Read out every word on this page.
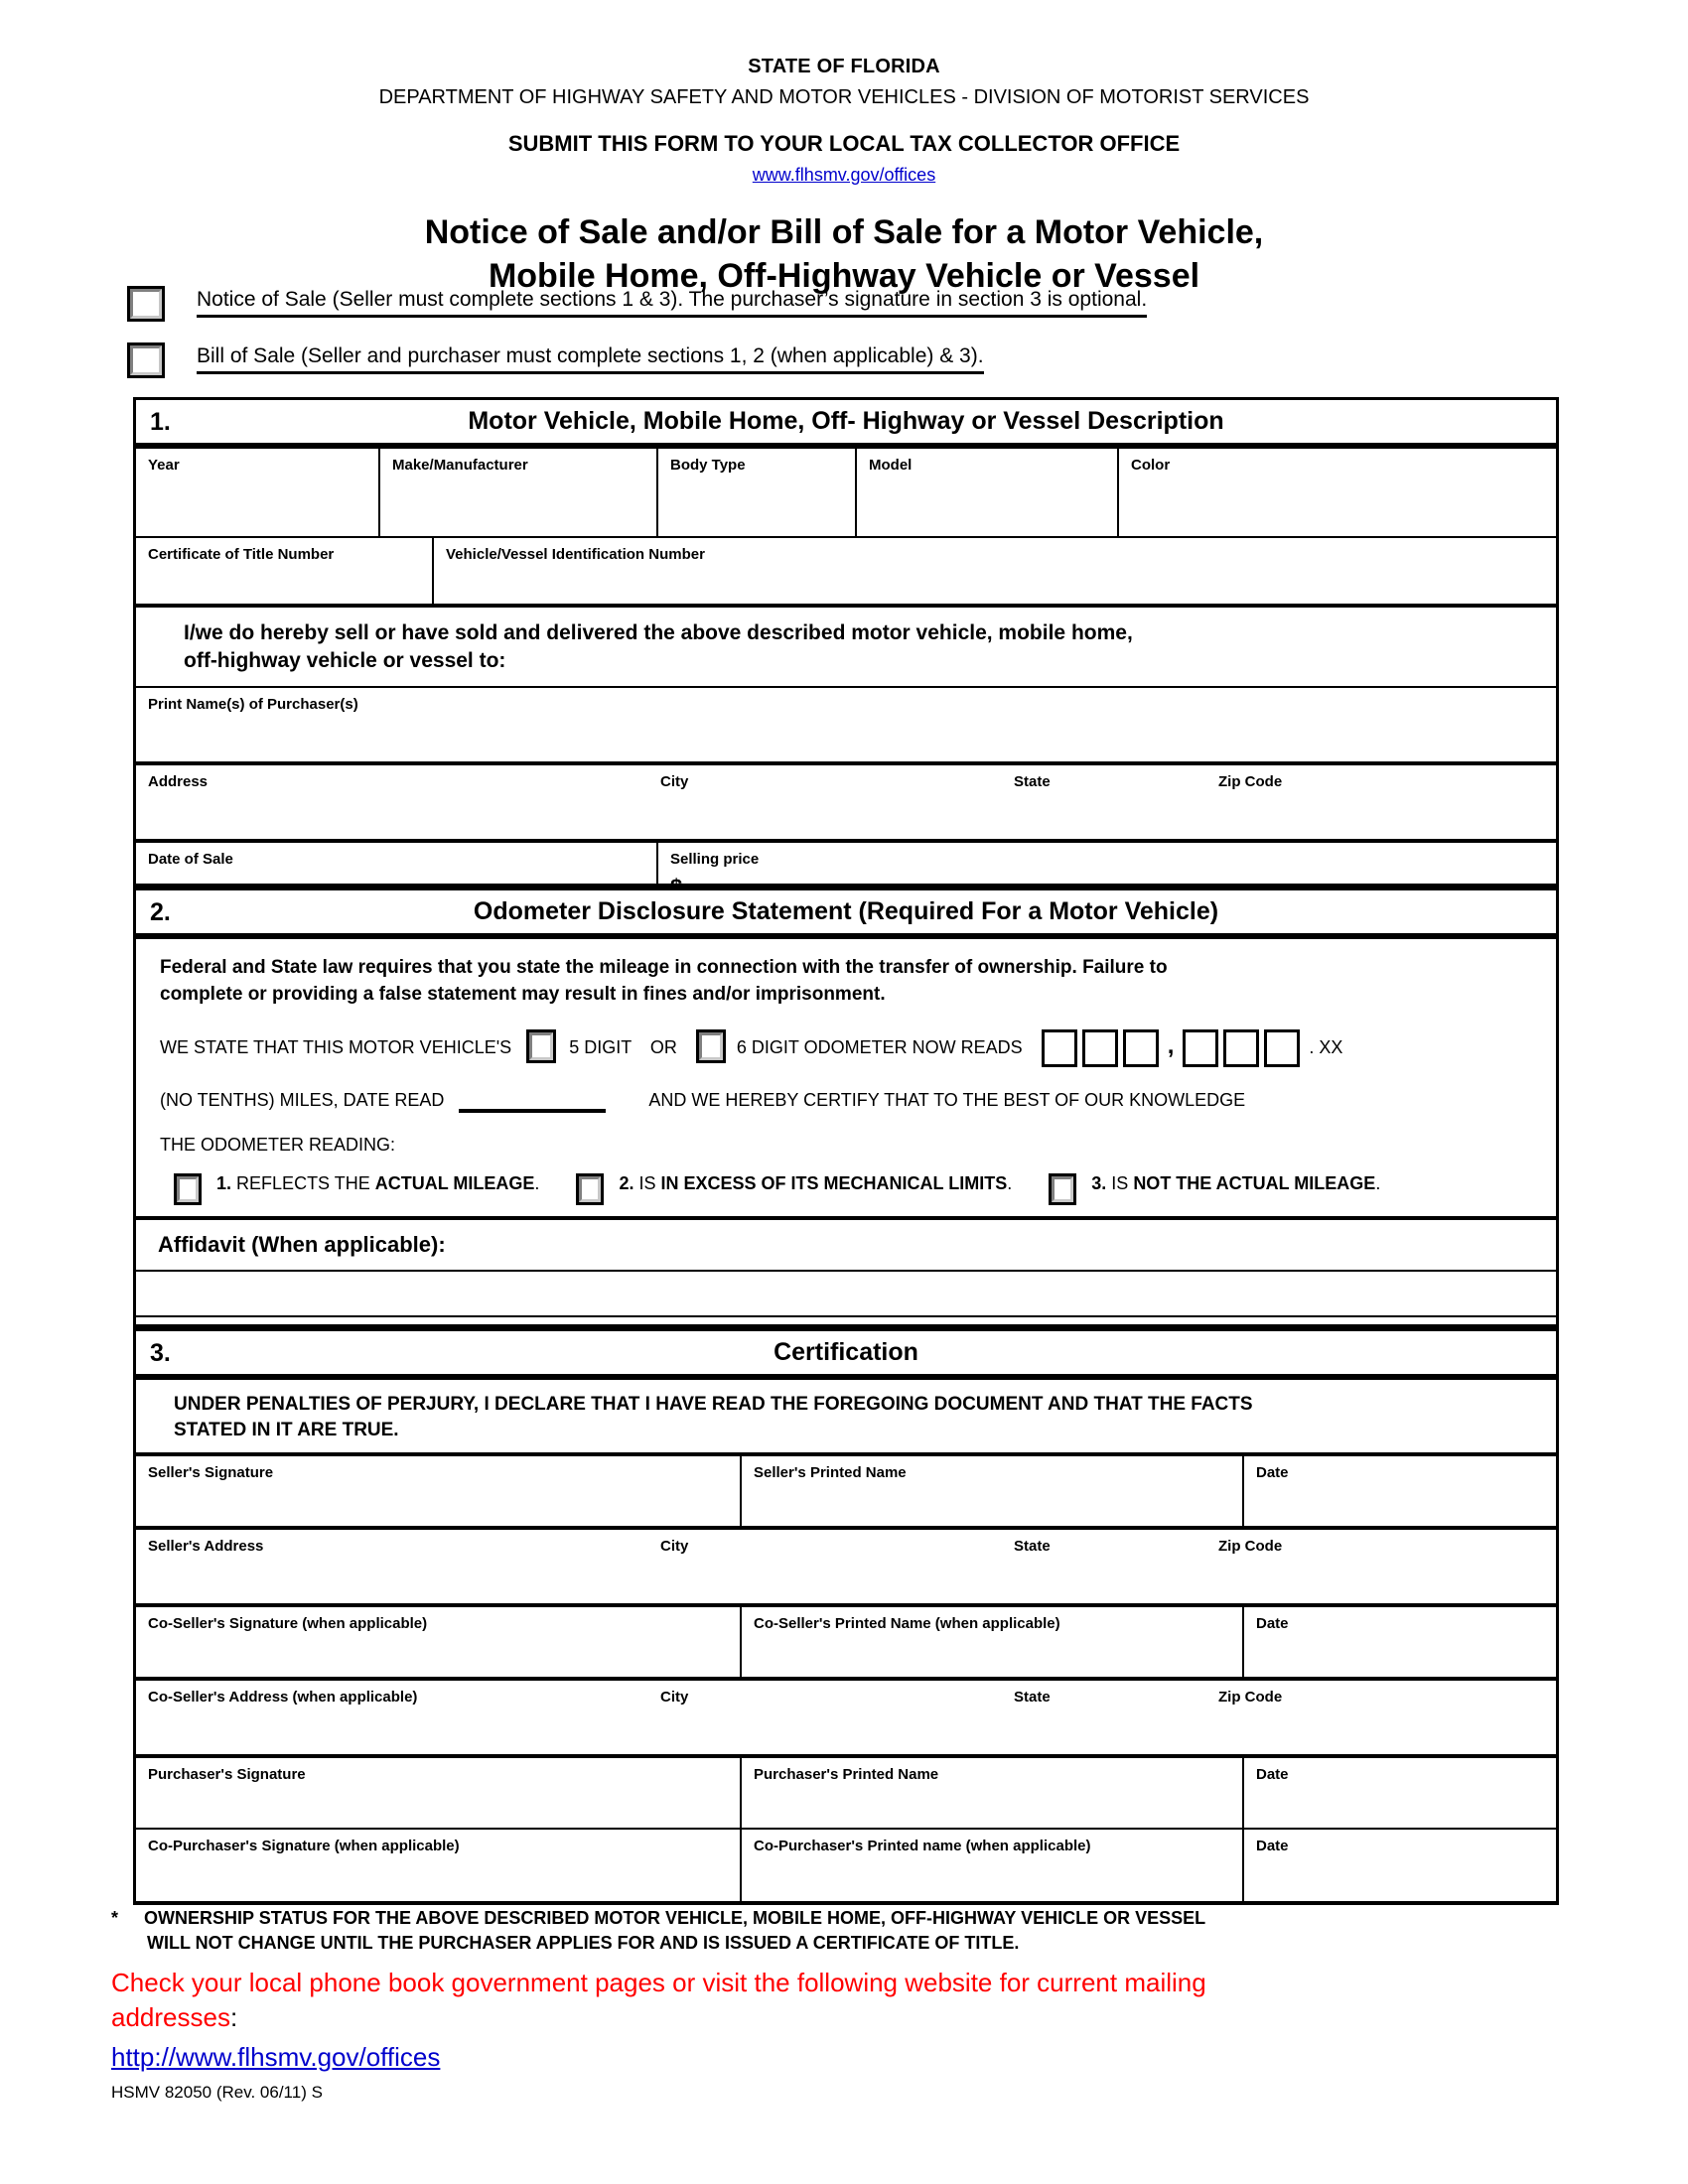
STATE OF FLORIDA
DEPARTMENT OF HIGHWAY SAFETY AND MOTOR VEHICLES - DIVISION OF MOTORIST SERVICES
SUBMIT THIS FORM TO YOUR LOCAL TAX COLLECTOR OFFICE
www.flhsmv.gov/offices
Notice of Sale and/or Bill of Sale for a Motor Vehicle,
Mobile Home, Off-Highway Vehicle or Vessel
Notice of Sale (Seller must complete sections 1 & 3). The purchaser’s signature in section 3 is optional.
Bill of Sale (Seller and purchaser must complete sections 1, 2 (when applicable) & 3).
1.	Motor Vehicle, Mobile Home, Off- Highway or Vessel Description
Year	Make/Manufacturer	Body Type	Model	Color
Certificate of Title Number	Vehicle/Vessel Identification Number
I/we do hereby sell or have sold and delivered the above described motor vehicle, mobile home,
off-highway vehicle or vessel to:
Print Name(s) of Purchaser(s)
Address	City	State	Zip Code
Date of Sale	Selling price
2.	Odometer Disclosure Statement (Required For a Motor Vehicle)
Federal and State law requires that you state the mileage in connection with the transfer of ownership. Failure to
complete or providing a false statement may result in fines and/or imprisonment.
WE STATE THAT THIS MOTOR VEHICLE'S	5 DIGIT OR	6 DIGIT ODOMETER NOW READS	,	. XX
(NO TENTHS) MILES, DATE READ	AND WE HEREBY CERTIFY THAT TO THE BEST OF OUR KNOWLEDGE
THE ODOMETER READING:
1. REFLECTS THE ACTUAL MILEAGE.	2. IS IN EXCESS OF ITS MECHANICAL LIMITS.	3. IS NOT THE ACTUAL MILEAGE.
Affidavit (When applicable):
3.	Certification
UNDER PENALTIES OF PERJURY, I DECLARE THAT I HAVE READ THE FOREGOING DOCUMENT AND THAT THE FACTS
STATED IN IT ARE TRUE.
Seller's Signature	Seller's Printed Name	Date
Seller's Address	City	State	Zip Code
Co-Seller's Signature (when applicable)	Co-Seller's Printed Name (when applicable)	Date
Co-Seller's Address (when applicable)	City	State	Zip Code
Purchaser's Signature	Purchaser's Printed Name	Date
Co-Purchaser's Signature (when applicable)	Co-Purchaser's Printed name (when applicable)	Date
* OWNERSHIP STATUS FOR THE ABOVE DESCRIBED MOTOR VEHICLE, MOBILE HOME, OFF-HIGHWAY VEHICLE OR VESSEL
WILL NOT CHANGE UNTIL THE PURCHASER APPLIES FOR AND IS ISSUED A CERTIFICATE OF TITLE.
Check your local phone book government pages or visit the following website for current mailing
addresses:
http://www.flhsmv.gov/offices
HSMV 82050 (Rev. 06/11) S
